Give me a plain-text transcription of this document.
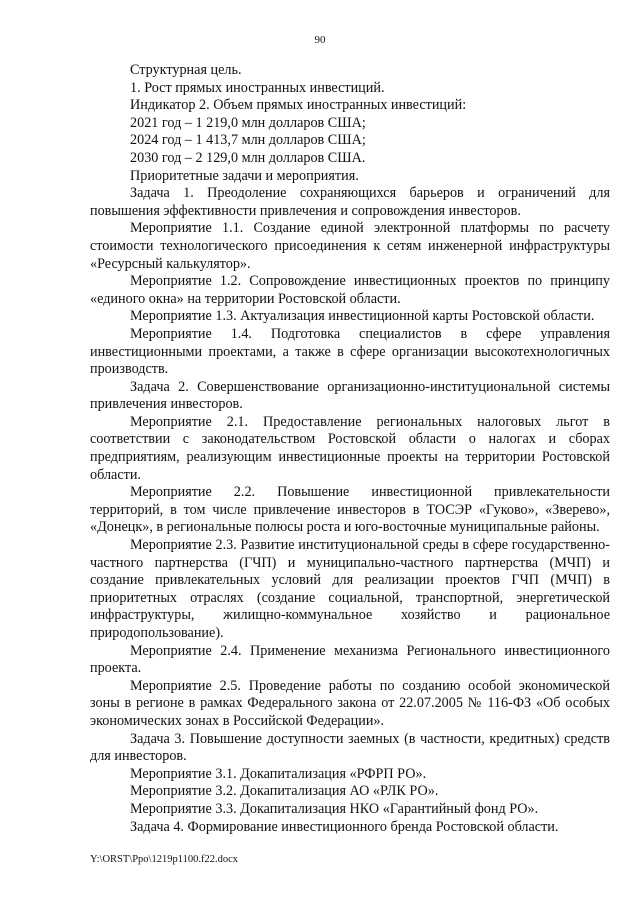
90

Структурная цель.

1. Рост прямых иностранных инвестиций.

Индикатор 2. Объем прямых иностранных инвестиций:

2021 год – 1 219,0 млн долларов США;

2024 год – 1 413,7 млн долларов США;

2030 год – 2 129,0 млн долларов США.

Приоритетные задачи и мероприятия.

Задача 1. Преодоление сохраняющихся барьеров и ограничений для повышения эффективности привлечения и сопровождения инвесторов.

Мероприятие 1.1. Создание единой электронной платформы по расчету стоимости технологического присоединения к сетям инженерной инфраструктуры «Ресурсный калькулятор».

Мероприятие 1.2. Сопровождение инвестиционных проектов по принципу «единого окна» на территории Ростовской области.

Мероприятие 1.3. Актуализация инвестиционной карты Ростовской области.

Мероприятие 1.4. Подготовка специалистов в сфере управления инвестиционными проектами, а также в сфере организации высокотехнологичных производств.

Задача 2. Совершенствование организационно-институциональной системы привлечения инвесторов.

Мероприятие 2.1. Предоставление региональных налоговых льгот в соответствии с законодательством Ростовской области о налогах и сборах предприятиям, реализующим инвестиционные проекты на территории Ростовской области.

Мероприятие 2.2. Повышение инвестиционной привлекательности территорий, в том числе привлечение инвесторов в ТОСЭР «Гуково», «Зверево», «Донецк», в региональные полюсы роста и юго-восточные муниципальные районы.

Мероприятие 2.3. Развитие институциональной среды в сфере государственно-частного партнерства (ГЧП) и муниципально-частного партнерства (МЧП) и создание привлекательных условий для реализации проектов ГЧП (МЧП) в приоритетных отраслях (создание социальной, транспортной, энергетической инфраструктуры, жилищно-коммунальное хозяйство и рациональное природопользование).

Мероприятие 2.4. Применение механизма Регионального инвестиционного проекта.

Мероприятие 2.5. Проведение работы по созданию особой экономической зоны в регионе в рамках Федерального закона от 22.07.2005 № 116-ФЗ «Об особых экономических зонах в Российской Федерации».

Задача 3. Повышение доступности заемных (в частности, кредитных) средств для инвесторов.

Мероприятие 3.1. Докапитализация «РФРП РО».

Мероприятие 3.2. Докапитализация АО «РЛК РО».

Мероприятие 3.3. Докапитализация НКО «Гарантийный фонд РО».

Задача 4. Формирование инвестиционного бренда Ростовской области.

Y:\ORST\Ppo\1219p1100.f22.docx
